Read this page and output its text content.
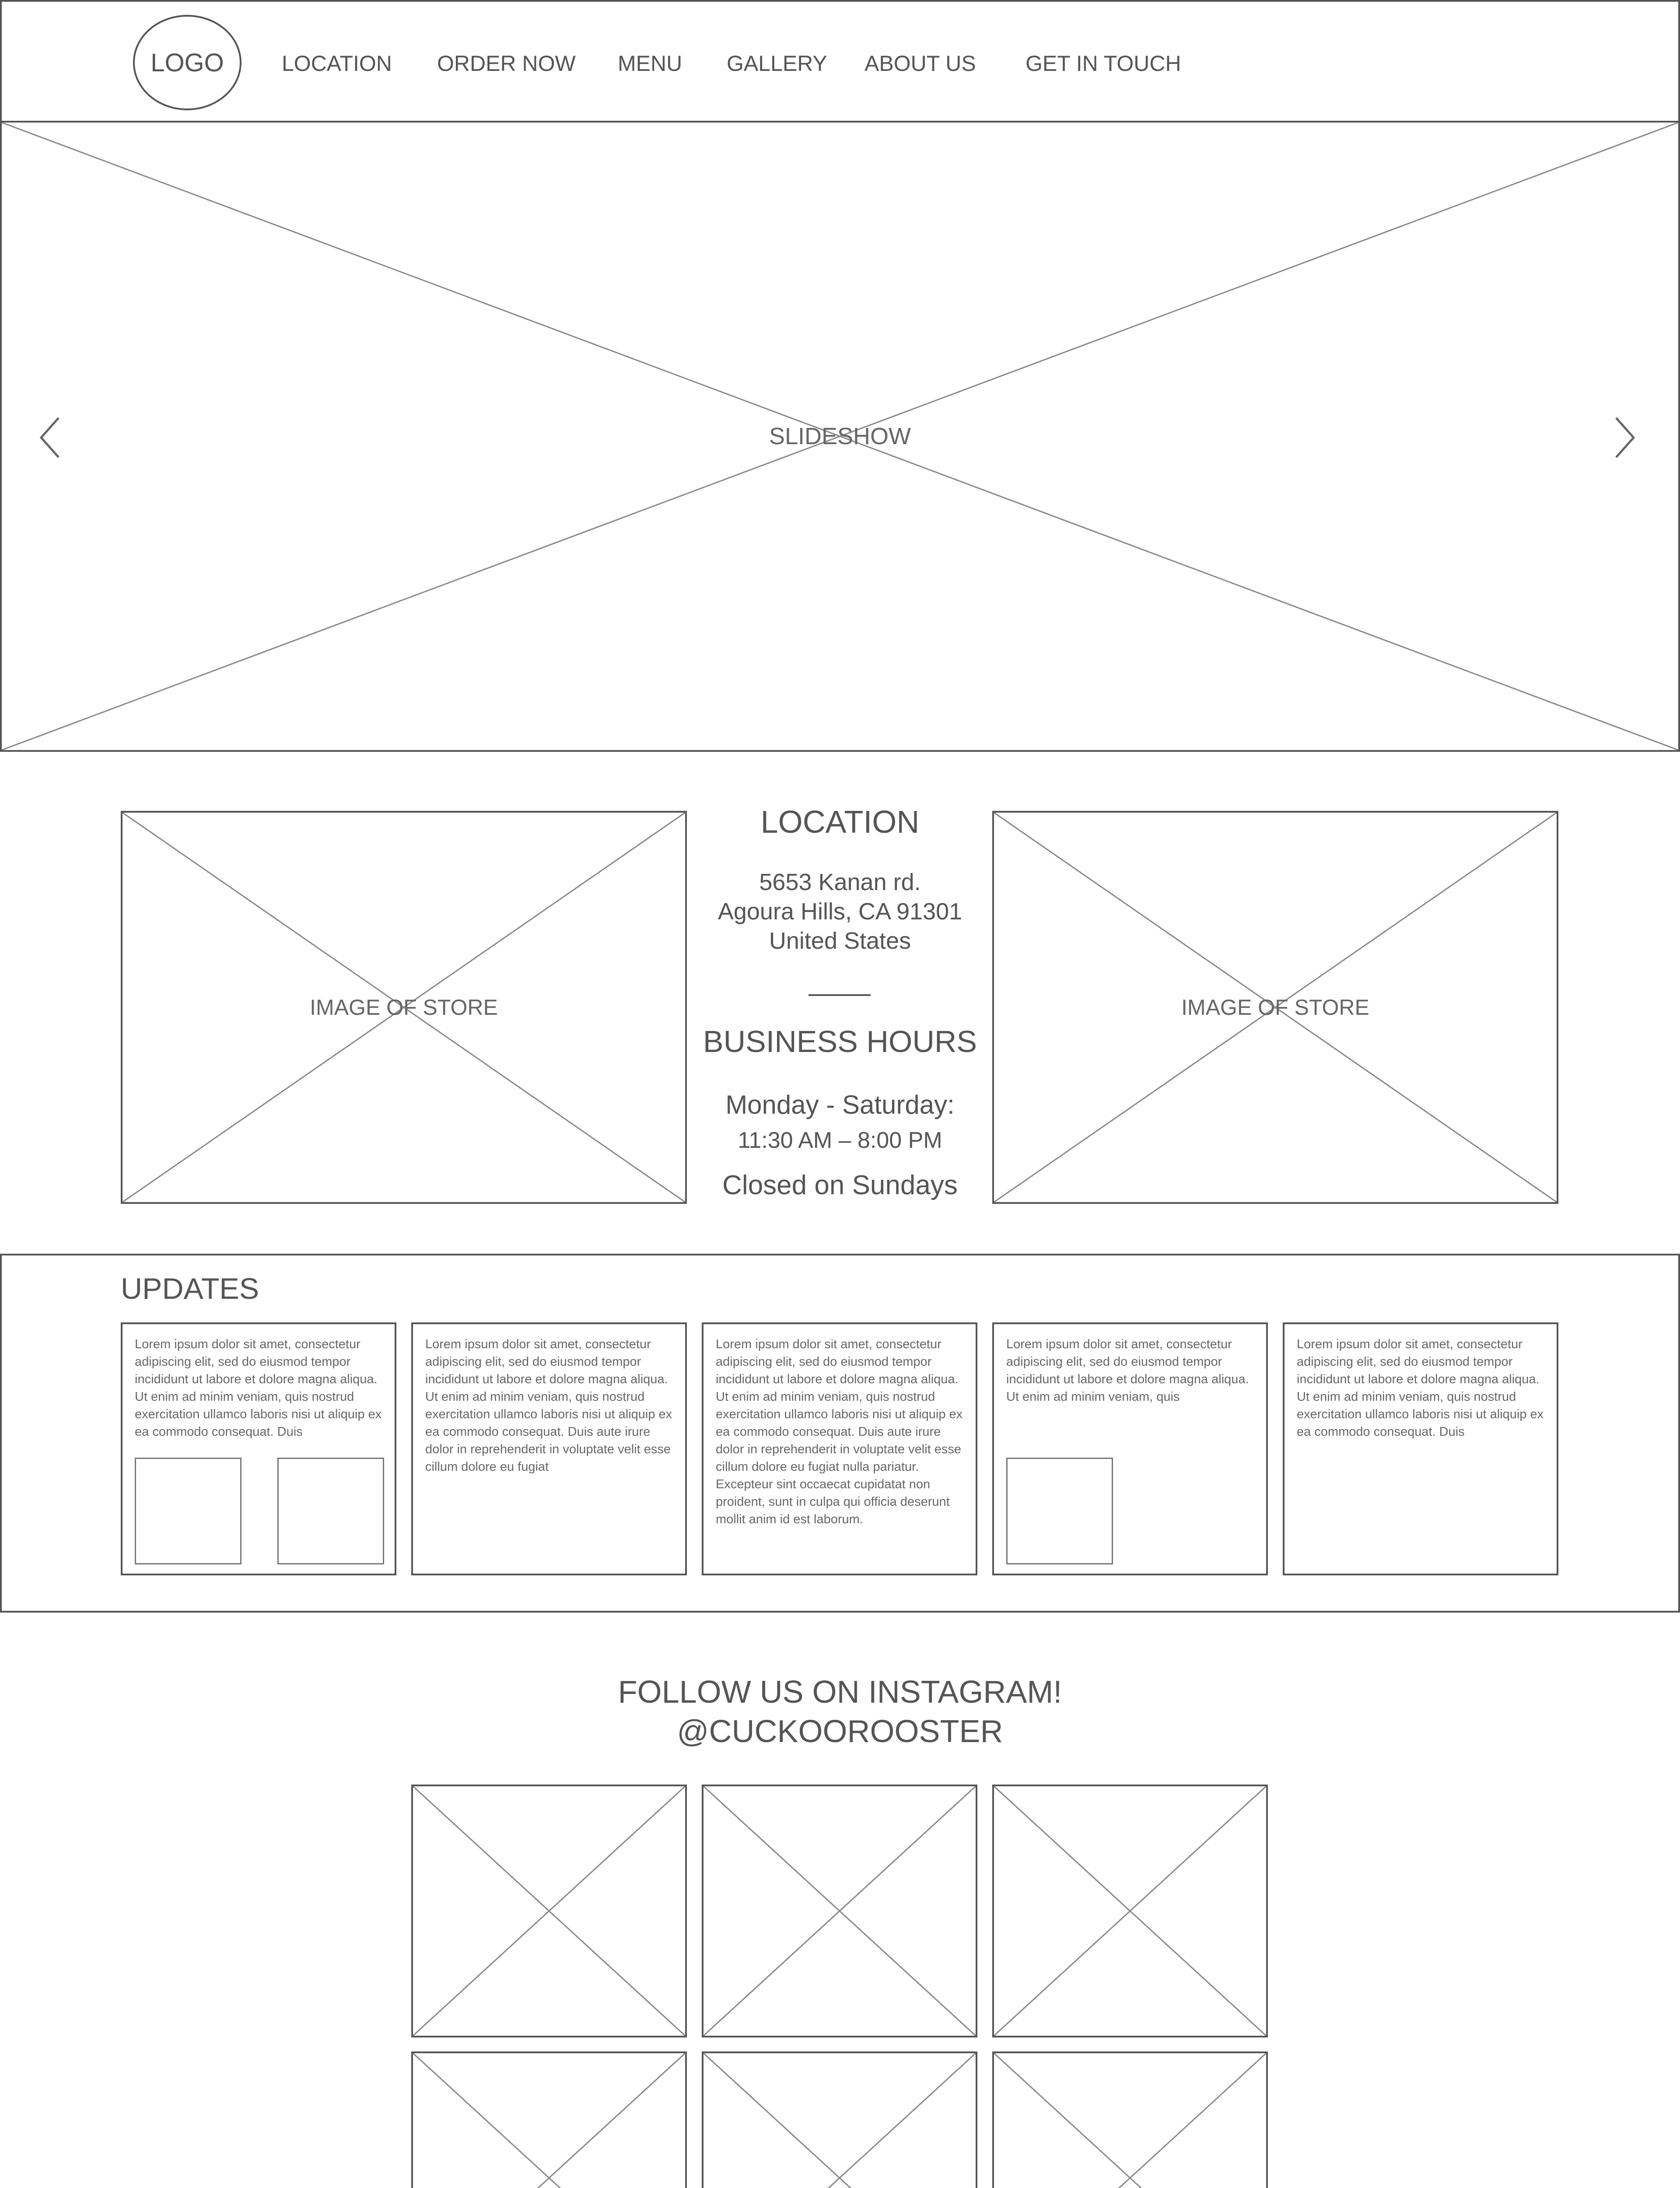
LOGO	LOCATION ORDER NOW MENU GALLERY ABOUT US GET IN TOUCH
SLIDESHOW
IMAGE OF STORE	IMAGE OF STORE
LOCATION
5653 Kanan rd.
Agoura Hills, CA 91301
United States
BUSINESS HOURS
Monday - Saturday:
11:30 AM – 8:00 PM
Closed on Sundays
UPDATES

Lorem ipsum dolor sit amet, consectetur adipiscing elit, sed do eiusmod tempor incididunt ut labore et dolore magna aliqua. Ut enim ad minim veniam, quis nostrud exercitation ullamco laboris nisi ut aliquip ex ea commodo consequat. Duis

Lorem ipsum dolor sit amet, consectetur adipiscing elit, sed do eiusmod tempor incididunt ut labore et dolore magna aliqua. Ut enim ad minim veniam, quis nostrud exercitation ullamco laboris nisi ut aliquip ex ea commodo consequat. Duis aute irure dolor in reprehenderit in voluptate velit esse cillum dolore eu fugiat

Lorem ipsum dolor sit amet, consectetur adipiscing elit, sed do eiusmod tempor incididunt ut labore et dolore magna aliqua. Ut enim ad minim veniam, quis nostrud exercitation ullamco laboris nisi ut aliquip ex ea commodo consequat. Duis aute irure dolor in reprehenderit in voluptate velit esse cillum dolore eu fugiat nulla pariatur. Excepteur sint occaecat cupidatat non proident, sunt in culpa qui officia deserunt mollit anim id est laborum.

Lorem ipsum dolor sit amet, consectetur adipiscing elit, sed do eiusmod tempor incididunt ut labore et dolore magna aliqua. Ut enim ad minim veniam, quis

Lorem ipsum dolor sit amet, consectetur adipiscing elit, sed do eiusmod tempor incididunt ut labore et dolore magna aliqua. Ut enim ad minim veniam, quis nostrud exercitation ullamco laboris nisi ut aliquip ex ea commodo consequat. Duis

FOLLOW US ON INSTAGRAM!
@CUCKOOROOSTER
